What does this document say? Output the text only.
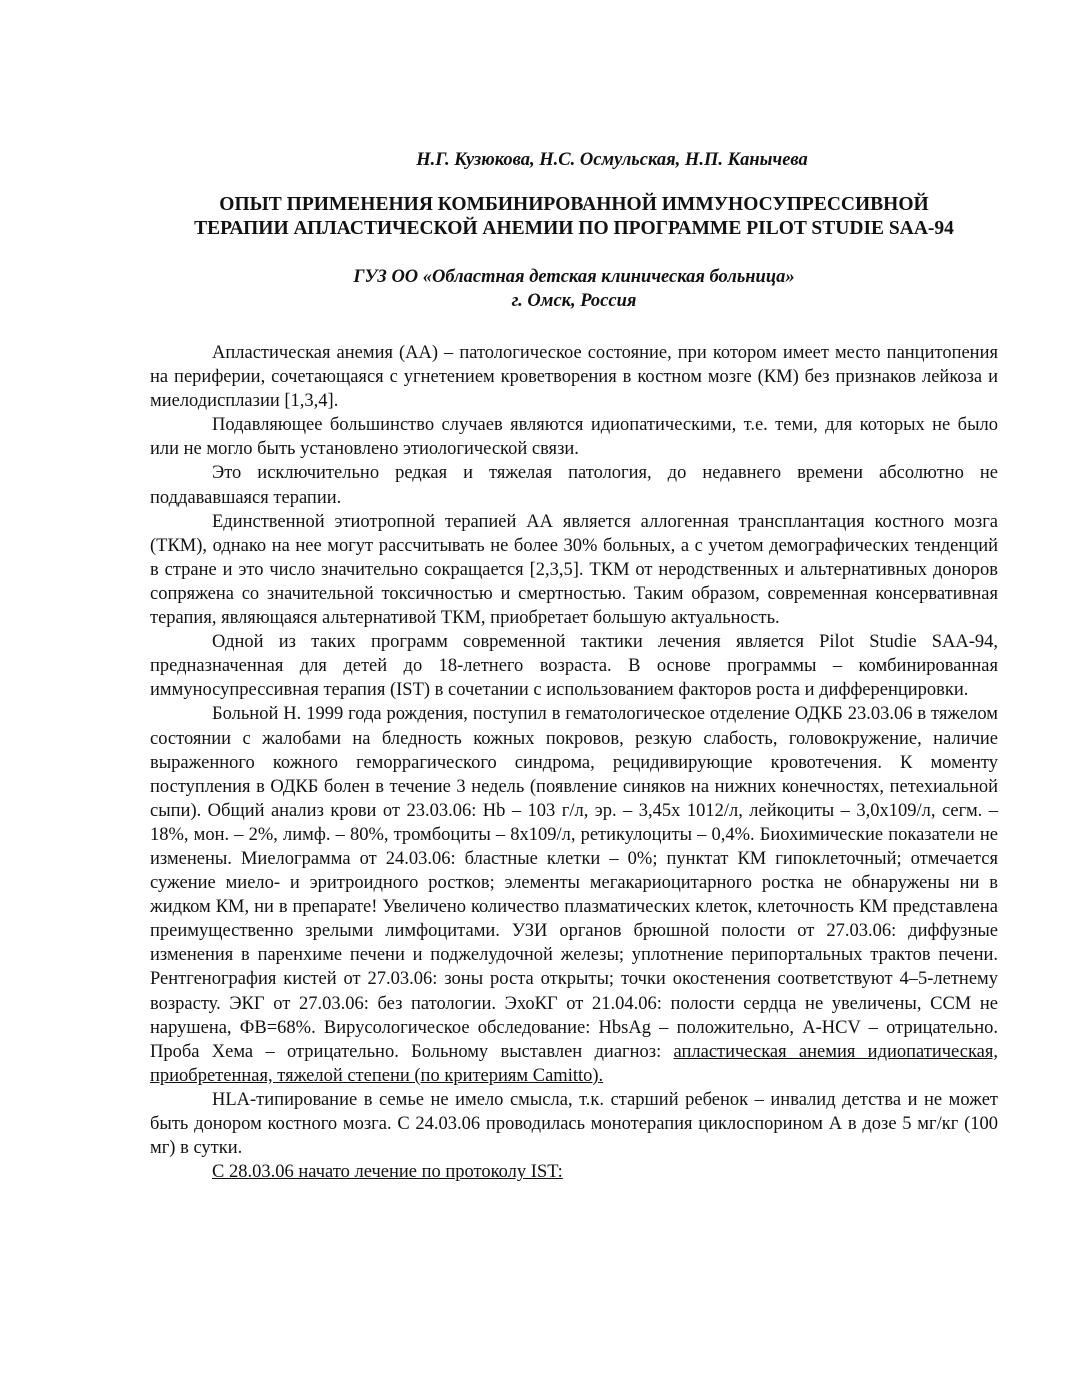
Н.Г. Кузюкова, Н.С. Осмульская, Н.П. Канычева
ОПЫТ ПРИМЕНЕНИЯ КОМБИНИРОВАННОЙ ИММУНОСУПРЕССИВНОЙ
ТЕРАПИИ АПЛАСТИЧЕСКОЙ АНЕМИИ ПО ПРОГРАММЕ PILOT STUDIE SAA-94
ГУЗ ОО «Областная детская клиническая больница»
г. Омск, Россия

Апластическая анемия (АА) – патологическое состояние, при котором имеет место панцитопения на периферии, сочетающаяся с угнетением кроветворения в костном мозге (КМ) без признаков лейкоза и миелодисплазии [1,3,4].

Подавляющее большинство случаев являются идиопатическими, т.е. теми, для которых не было или не могло быть установлено этиологической связи.

Это исключительно редкая и тяжелая патология, до недавнего времени абсолютно не поддававшаяся терапии.

Единственной этиотропной терапией АА является аллогенная трансплантация костного мозга (ТКМ), однако на нее могут рассчитывать не более 30% больных, а с учетом демографических тенденций в стране и это число значительно сокращается [2,3,5]. ТКМ от неродственных и альтернативных доноров сопряжена со значительной токсичностью и смертностью. Таким образом, современная консервативная терапия, являющаяся альтернативой ТКМ, приобретает большую актуальность.

Одной из таких программ современной тактики лечения является Pilot Studie SAA-94, предназначенная для детей до 18-летнего возраста. В основе программы – комбинированная иммуносупрессивная терапия (IST) в сочетании с использованием факторов роста и дифференцировки.

Больной Н. 1999 года рождения, поступил в гематологическое отделение ОДКБ 23.03.06 в тяжелом состоянии с жалобами на бледность кожных покровов, резкую слабость, головокружение, наличие выраженного кожного геморрагического синдрома, рецидивирующие кровотечения. К моменту поступления в ОДКБ болен в течение 3 недель (появление синяков на нижних конечностях, петехиальной сыпи). Общий анализ крови от 23.03.06: Hb – 103 г/л, эр. – 3,45х 1012/л, лейкоциты – 3,0х109/л, сегм. – 18%, мон. – 2%, лимф. – 80%, тромбоциты – 8х109/л, ретикулоциты – 0,4%. Биохимические показатели не изменены. Миелограмма от 24.03.06: бластные клетки – 0%; пунктат КМ гипоклеточный; отмечается сужение миело- и эритроидного ростков; элементы мегакариоцитарного ростка не обнаружены ни в жидком КМ, ни в препарате! Увеличено количество плазматических клеток, клеточность КМ представлена преимущественно зрелыми лимфоцитами. УЗИ органов брюшной полости от 27.03.06: диффузные изменения в паренхиме печени и поджелудочной железы; уплотнение перипортальных трактов печени. Рентгенография кистей от 27.03.06: зоны роста открыты; точки окостенения соответствуют 4–5-летнему возрасту. ЭКГ от 27.03.06: без патологии. ЭхоКГ от 21.04.06: полости сердца не увеличены, ССМ не нарушена, ФВ=68%. Вирусологическое обследование: HbsAg – положительно, A-HCV – отрицательно. Проба Хема – отрицательно. Больному выставлен диагноз: апластическая анемия идиопатическая, приобретенная, тяжелой степени (по критериям Camitto).

HLA-типирование в семье не имело смысла, т.к. старший ребенок – инвалид детства и не может быть донором костного мозга. С 24.03.06 проводилась монотерапия циклоспорином А в дозе 5 мг/кг (100 мг) в сутки.

С 28.03.06 начато лечение по протоколу IST:
